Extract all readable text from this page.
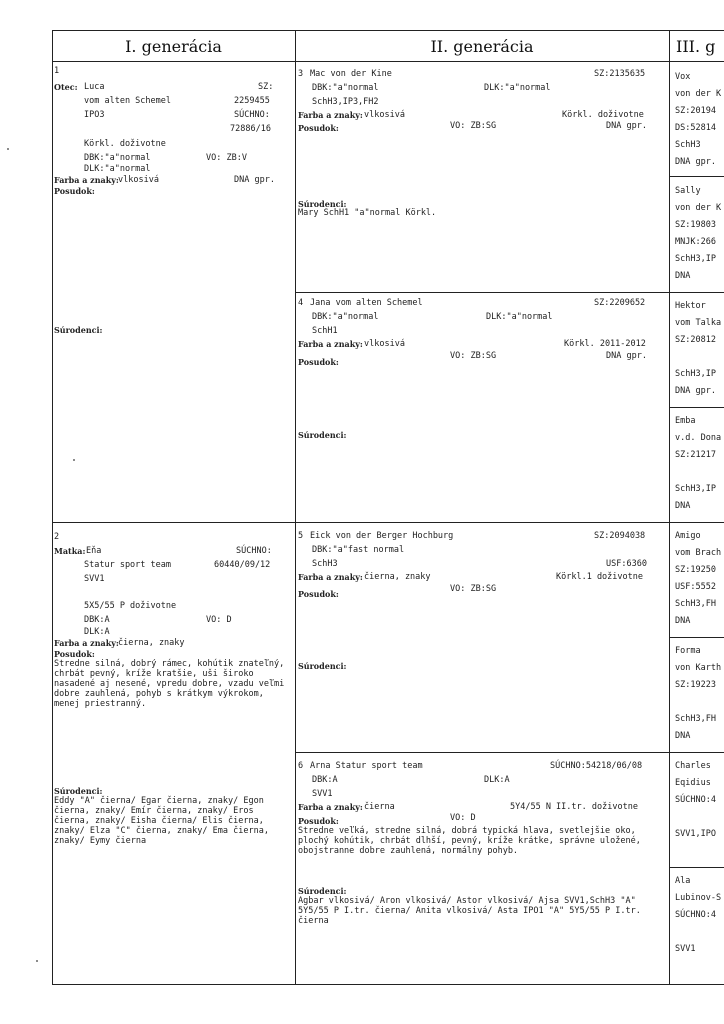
I. generácia	II. generácia	III. g
1
Otec: Luca	SZ:
vom alten Schemel	2259455
IPO3	SÚCHNO:
72886/16
Körkl. doživotne
DBK:"a"normal	VO: ZB:V
DLK:"a"normal
Farba a znaky: vlkosivá	DNA gpr.
Posudok:
Súrodenci:
2
Matka: Eňa	SÚCHNO:
Statur sport team	60440/09/12
SVV1
5X5/55 P doživotne
DBK:A	VO: D
DLK:A
Farba a znaky: čierna, znaky
Posudok:
Stredne silná, dobrý rámec, kohútik znateľný, chrbát pevný, kríže kratšie, uši široko nasadené aj nesené, vpredu dobre, vzadu veľmi dobre zauhlená, pohyb s krátkym výkrokom, menej priestranný.
Súrodenci:
Eddy "A" čierna/ Egar čierna, znaky/ Egon čierna, znaky/ Emír čierna, znaky/ Eros čierna, znaky/ Eisha čierna/ Elis čierna, znaky/ Elza "C" čierna, znaky/ Ema čierna, znaky/ Eymy čierna
3 Mac von der Kine	SZ:2135635
DBK:"a"normal	DLK:"a"normal
SchH3,IP3,FH2
Farba a znaky: vlkosivá	Körkl. doživotne
Posudok:	VO: ZB:SG	DNA gpr.
Súrodenci:
Mary SchH1 "a"normal Körkl.
4 Jana vom alten Schemel	SZ:2209652
DBK:"a"normal	DLK:"a"normal
SchH1
Farba a znaky: vlkosivá	Körkl. 2011-2012
VO: ZB:SG	DNA gpr.
Posudok:
Súrodenci:
5 Eick von der Berger Hochburg	SZ:2094038
DBK:"a"fast normal
SchH3	USF:6360
Farba a znaky: čierna, znaky	Körkl.1 doživotne
VO: ZB:SG
Posudok:
Súrodenci:
6 Arna Statur sport team	SÚCHNO:54218/06/08
DBK:A	DLK:A
SVV1
Farba a znaky: čierna	5Y4/55 N II.tr. doživotne
VO: D
Posudok:
Stredne veľká, stredne silná, dobrá typická hlava, svetlejšie oko, plochý kohútik, chrbát dlhší, pevný, kríže krátke, správne uložené, obojstranne dobre zauhlená, normálny pohyb.
Súrodenci:
Agbar vlkosivá/ Aron vlkosivá/ Astor vlkosivá/ Ajsa SVV1,SchH3 "A" 5Y5/55 P I.tr. čierna/ Anita vlkosivá/ Asta IPO1 "A" 5Y5/55 P I.tr. čierna
Vox
von der K
SZ:20194
DS:52814
SchH3
DNA gpr.
Sally
von der K
SZ:19803
MNJK:266
SchH3,IP
DNA
Hektor
vom Talka
SZ:20812
SchH3,IP
DNA gpr.
Emba
v.d. Dona
SZ:21217
SchH3,IP
DNA
Amigo
vom Brach
SZ:19250
USF:5552
SchH3,FH
DNA
Forma
von Karth
SZ:19223
SchH3,FH
DNA
Charles
Eqidius
SÚCHNO:4
SVV1,IPO
Ala
Lubinov-S
SÚCHNO:4
SVV1
